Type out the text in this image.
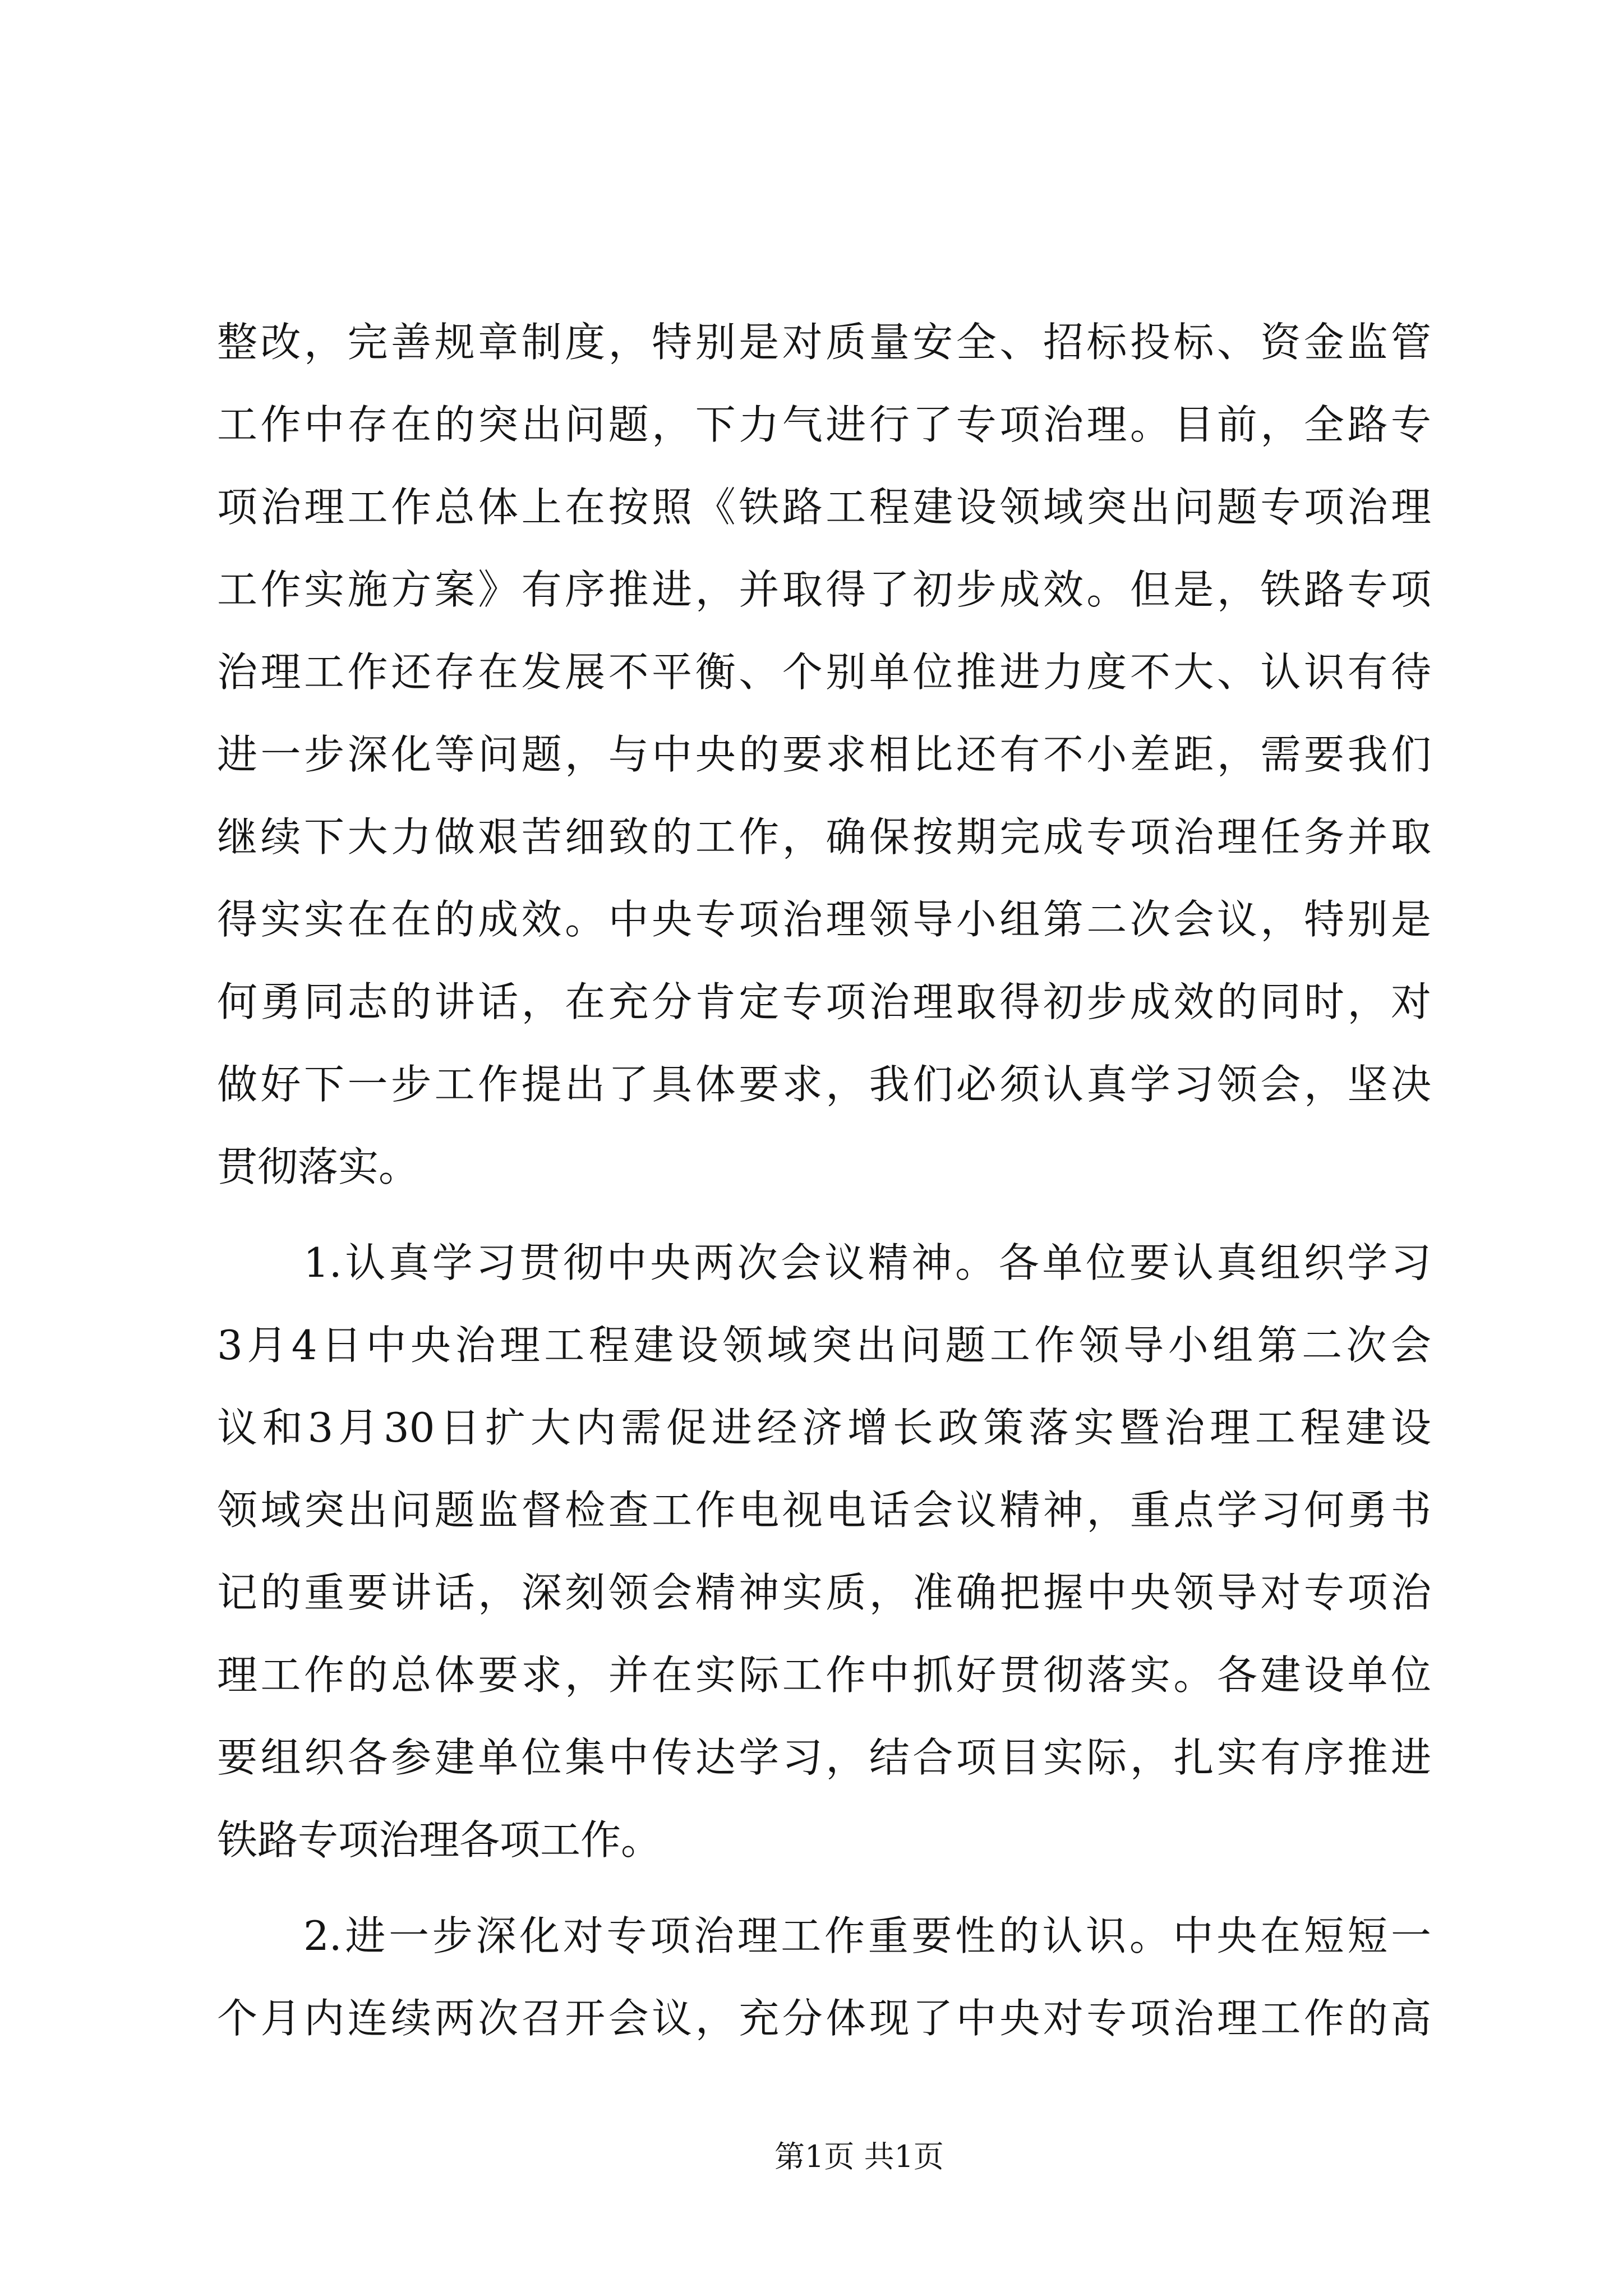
整改，完善规章制度，特别是对质量安全、招标投标、资金监管
工作中存在的突出问题，下力气进行了专项治理。目前，全路专
项治理工作总体上在按照《铁路工程建设领域突出问题专项治理
工作实施方案》有序推进，并取得了初步成效。但是，铁路专项
治理工作还存在发展不平衡、个别单位推进力度不大、认识有待
进一步深化等问题，与中央的要求相比还有不小差距，需要我们
继续下大力做艰苦细致的工作，确保按期完成专项治理任务并取
得实实在在的成效。中央专项治理领导小组第二次会议，特别是
何勇同志的讲话，在充分肯定专项治理取得初步成效的同时，对
做好下一步工作提出了具体要求，我们必须认真学习领会，坚决
贯彻落实。
1.认真学习贯彻中央两次会议精神。各单位要认真组织学习
3月4日中央治理工程建设领域突出问题工作领导小组第二次会
议和3月30日扩大内需促进经济增长政策落实暨治理工程建设
领域突出问题监督检查工作电视电话会议精神，重点学习何勇书
记的重要讲话，深刻领会精神实质，准确把握中央领导对专项治
理工作的总体要求，并在实际工作中抓好贯彻落实。各建设单位
要组织各参建单位集中传达学习，结合项目实际，扎实有序推进
铁路专项治理各项工作。
2.进一步深化对专项治理工作重要性的认识。中央在短短一
个月内连续两次召开会议，充分体现了中央对专项治理工作的高
第1页 共1页
